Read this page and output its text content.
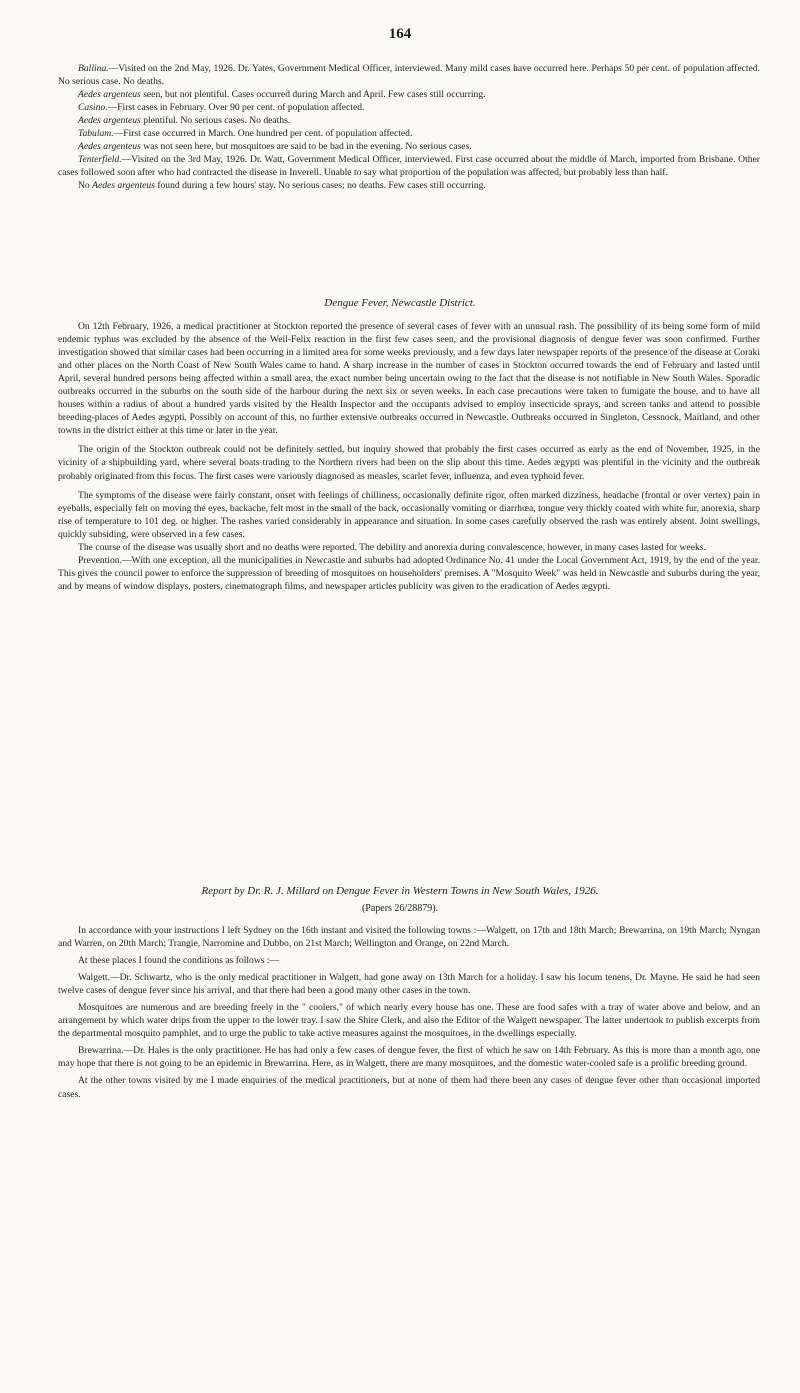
164

Ballina.—Visited on the 2nd May, 1926. Dr. Yates, Government Medical Officer, interviewed. Many mild cases have occurred here. Perhaps 50 per cent. of population affected. No serious case. No deaths.

Aedes argenteus seen, but not plentiful. Cases occurred during March and April. Few cases still occurring.

Casino.—First cases in February. Over 90 per cent. of population affected.

Aedes argenteus plentiful. No serious cases. No deaths.

Tabulam.—First case occurred in March. One hundred per cent. of population affected.

Aedes argenteus was not seen here, but mosquitoes are said to be bad in the evening. No serious cases.

Tenterfield.—Visited on the 3rd May, 1926. Dr. Watt, Government Medical Officer, interviewed. First case occurred about the middle of March, imported from Brisbane. Other cases followed soon after who had contracted the disease in Inverell. Unable to say what proportion of the population was affected, but probably less than half.

No Aedes argenteus found during a few hours' stay. No serious cases; no deaths. Few cases still occurring.

Dengue Fever, Newcastle District.

On 12th February, 1926, a medical practitioner at Stockton reported the presence of several cases of fever with an unusual rash. The possibility of its being some form of mild endemic typhus was excluded by the absence of the Weil-Felix reaction in the first few cases seen, and the provisional diagnosis of dengue fever was soon confirmed. Further investigation showed that similar cases had been occurring in a limited area for some weeks previously, and a few days later newspaper reports of the presence of the disease at Coraki and other places on the North Coast of New South Wales came to hand. A sharp increase in the number of cases in Stockton occurred towards the end of February and lasted until April, several hundred persons being affected within a small area, the exact number being uncertain owing to the fact that the disease is not notifiable in New South Wales. Sporadic outbreaks occurred in the suburbs on the south side of the harbour during the next six or seven weeks. In each case precautions were taken to fumigate the house, and to have all houses within a radius of about a hundred yards visited by the Health Inspector and the occupants advised to employ insecticide sprays, and screen tanks and attend to possible breeding-places of Aedes ægypti. Possibly on account of this, no further extensive outbreaks occurred in Newcastle. Outbreaks occurred in Singleton, Cessnock, Maitland, and other towns in the district either at this time or later in the year.

The origin of the Stockton outbreak could not be definitely settled, but inquiry showed that probably the first cases occurred as early as the end of November, 1925, in the vicinity of a shipbuilding yard, where several boats trading to the Northern rivers had been on the slip about this time. Aedes ægypti was plentiful in the vicinity and the outbreak probably originated from this focus. The first cases were variously diagnosed as measles, scarlet fever, influenza, and even typhoid fever.

The symptoms of the disease were fairly constant, onset with feelings of chilliness, occasionally definite rigor, often marked dizziness, headache (frontal or over vertex) pain in eyeballs, especially felt on moving the eyes, backache, felt most in the small of the back, occasionally vomiting or diarrhœa, tongue very thickly coated with white fur, anorexia, sharp rise of temperature to 101 deg. or higher. The rashes varied considerably in appearance and situation. In some cases carefully observed the rash was entirely absent. Joint swellings, quickly subsiding, were observed in a few cases.

The course of the disease was usually short and no deaths were reported. The debility and anorexia during convalescence, however, in many cases lasted for weeks.

Prevention.—With one exception, all the municipalities in Newcastle and suburbs had adopted Ordinance No. 41 under the Local Government Act, 1919, by the end of the year. This gives the council power to enforce the suppression of breeding of mosquitoes on householders' premises. A "Mosquito Week" was held in Newcastle and suburbs during the year, and by means of window displays, posters, cinematograph films, and newspaper articles publicity was given to the eradication of Aedes ægypti.

Report by Dr. R. J. Millard on Dengue Fever in Western Towns in New South Wales, 1926.
(Papers 26/28879).

In accordance with your instructions I left Sydney on the 16th instant and visited the following towns :—Walgett, on 17th and 18th March; Brewarrina, on 19th March; Nyngan and Warren, on 20th March; Trangie, Narromine and Dubbo, on 21st March; Wellington and Orange, on 22nd March.

At these places I found the conditions as follows :—

Walgett.—Dr. Schwartz, who is the only medical practitioner in Walgett, had gone away on 13th March for a holiday. I saw his locum tenens, Dr. Mayne. He said he had seen twelve cases of dengue fever since his arrival, and that there had been a good many other cases in the town.

Mosquitoes are numerous and are breeding freely in the " coolers," of which nearly every house has one. These are food safes with a tray of water above and below, and an arrangement by which water drips from the upper to the lower tray. I saw the Shire Clerk, and also the Editor of the Walgett newspaper. The latter undertook to publish excerpts from the departmental mosquito pamphlet, and to urge the public to take active measures against the mosquitoes, in the dwellings especially.

Brewarrina.—Dr. Hales is the only practitioner. He has had only a few cases of dengue fever, the first of which he saw on 14th February. As this is more than a month ago, one may hope that there is not going to be an epidemic in Brewarrina. Here, as in Walgett, there are many mosquitoes, and the domestic water-cooled safe is a prolific breeding ground.

At the other towns visited by me I made enquiries of the medical practitioners, but at none of them had there been any cases of dengue fever other than occasional imported cases.
